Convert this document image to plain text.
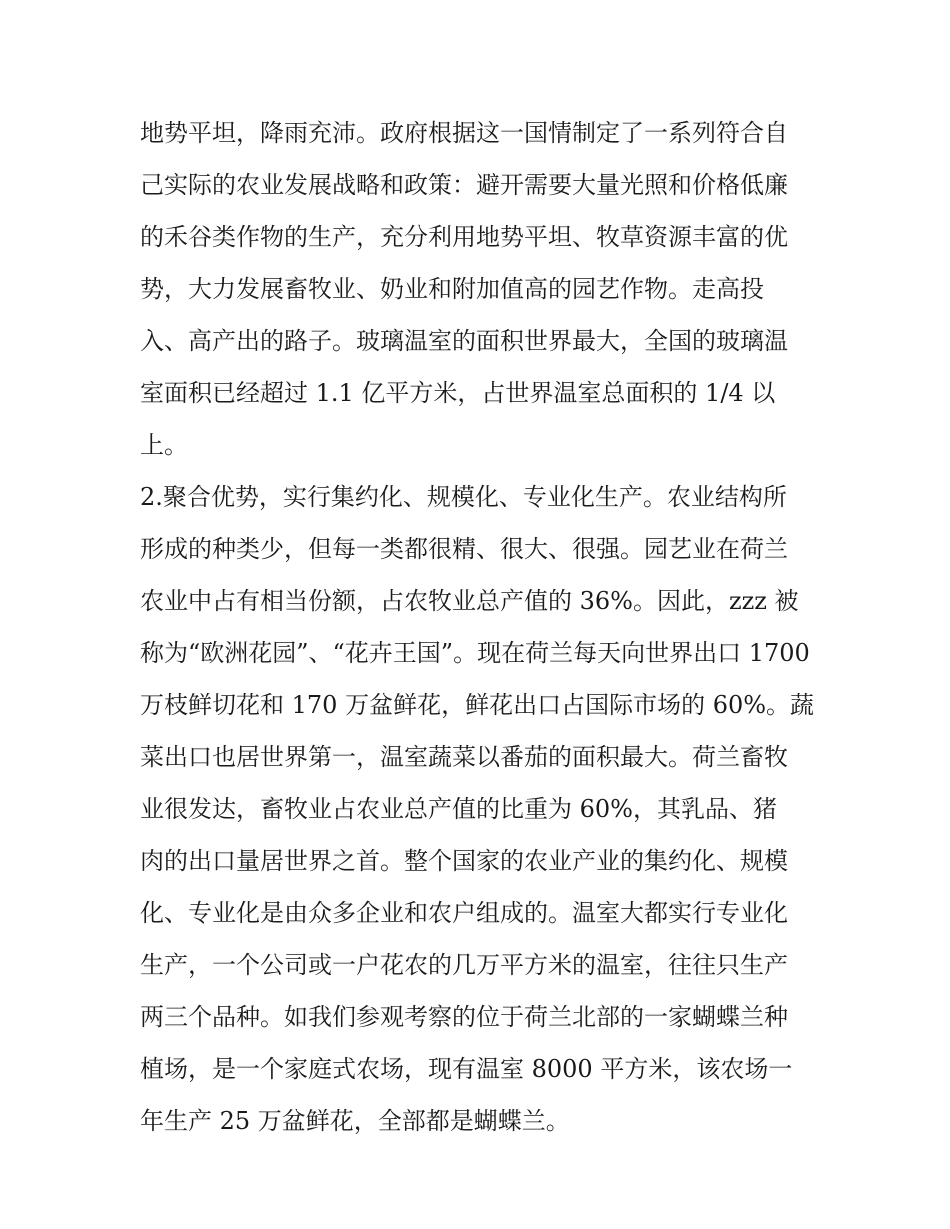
地势平坦，降雨充沛。政府根据这一国情制定了一系列符合自
己实际的农业发展战略和政策：避开需要大量光照和价格低廉
的禾谷类作物的生产，充分利用地势平坦、牧草资源丰富的优
势，大力发展畜牧业、奶业和附加值高的园艺作物。走高投
入、高产出的路子。玻璃温室的面积世界最大，全国的玻璃温
室面积已经超过 1.1 亿平方米，占世界温室总面积的 1/4 以
上。
2.聚合优势，实行集约化、规模化、专业化生产。农业结构所
形成的种类少，但每一类都很精、很大、很强。园艺业在荷兰
农业中占有相当份额，占农牧业总产值的 36%。因此，zzz 被
称为“欧洲花园”、“花卉王国”。现在荷兰每天向世界出口 1700
万枝鲜切花和 170 万盆鲜花，鲜花出口占国际市场的 60%。蔬
菜出口也居世界第一，温室蔬菜以番茄的面积最大。荷兰畜牧
业很发达，畜牧业占农业总产值的比重为 60%，其乳品、猪
肉的出口量居世界之首。整个国家的农业产业的集约化、规模
化、专业化是由众多企业和农户组成的。温室大都实行专业化
生产，一个公司或一户花农的几万平方米的温室，往往只生产
两三个品种。如我们参观考察的位于荷兰北部的一家蝴蝶兰种
植场，是一个家庭式农场，现有温室 8000 平方米，该农场一
年生产 25 万盆鲜花，全部都是蝴蝶兰。
